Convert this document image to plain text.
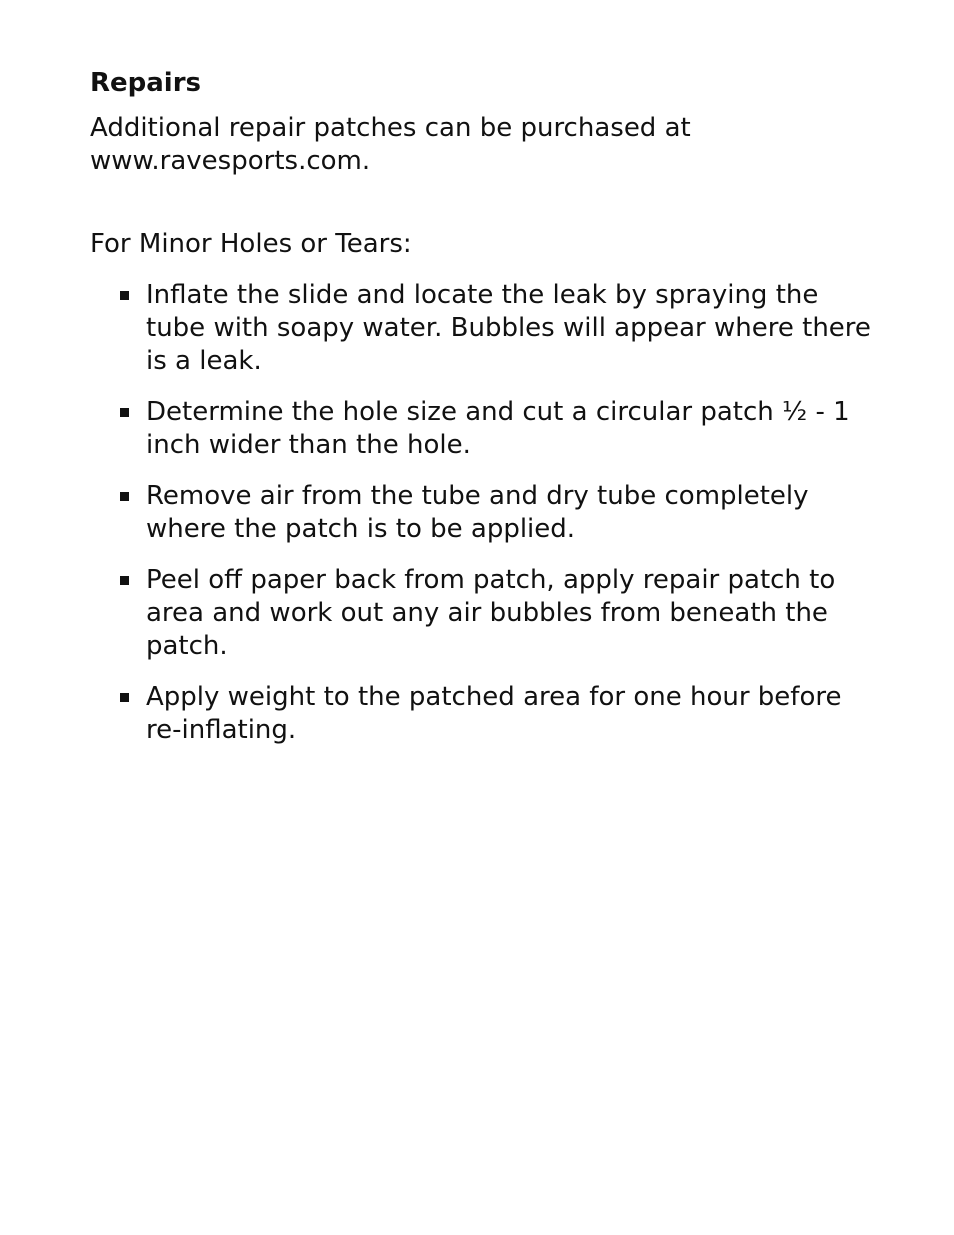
Repairs

Additional repair patches can be purchased at
www.ravesports.com.

For Minor Holes or Tears:

Inflate the slide and locate the leak by spraying the tube with soapy water. Bubbles will appear where there is a leak.
Determine the hole size and cut a circular patch ½ - 1 inch wider than the hole.
Remove air from the tube and dry tube completely where the patch is to be applied.
Peel off paper back from patch, apply repair patch to area and work out any air bubbles from beneath the patch.
Apply weight to the patched area for one hour before re-inflating.
